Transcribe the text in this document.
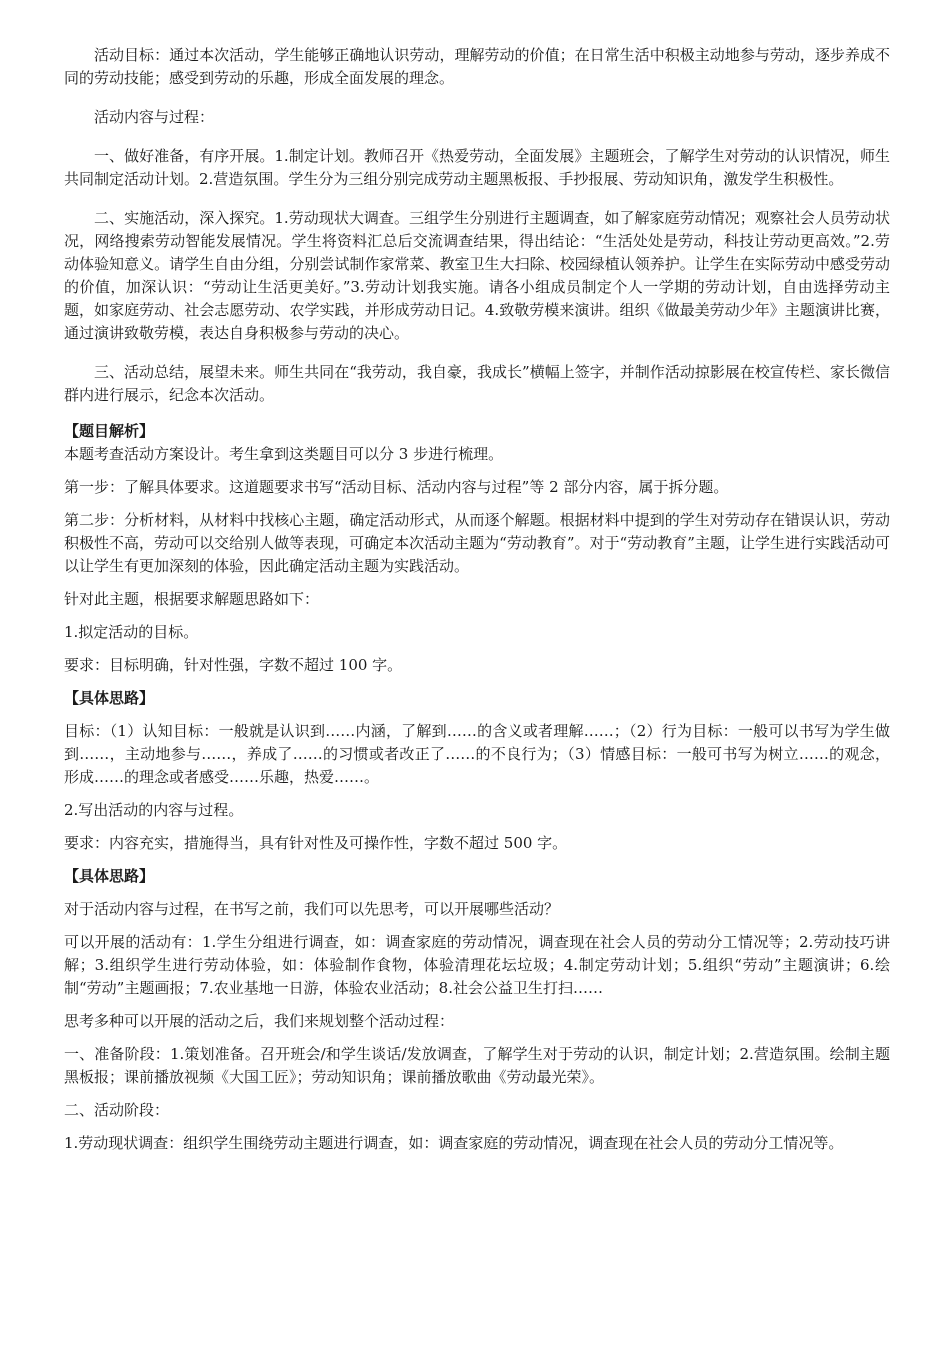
活动目标：通过本次活动，学生能够正确地认识劳动，理解劳动的价值；在日常生活中积极主动地参与劳动，逐步养成不同的劳动技能；感受到劳动的乐趣，形成全面发展的理念。

活动内容与过程：

一、做好准备，有序开展。1.制定计划。教师召开《热爱劳动，全面发展》主题班会，了解学生对劳动的认识情况，师生共同制定活动计划。2.营造氛围。学生分为三组分别完成劳动主题黑板报、手抄报展、劳动知识角，激发学生积极性。

二、实施活动，深入探究。1.劳动现状大调查。三组学生分别进行主题调查，如了解家庭劳动情况；观察社会人员劳动状况，网络搜索劳动智能发展情况。学生将资料汇总后交流调查结果，得出结论：“生活处处是劳动，科技让劳动更高效。”2.劳动体验知意义。请学生自由分组，分别尝试制作家常菜、教室卫生大扫除、校园绿植认领养护。让学生在实际劳动中感受劳动的价值，加深认识：“劳动让生活更美好。”3.劳动计划我实施。请各小组成员制定个人一学期的劳动计划，自由选择劳动主题，如家庭劳动、社会志愿劳动、农学实践，并形成劳动日记。4.致敬劳模来演讲。组织《做最美劳动少年》主题演讲比赛，通过演讲致敬劳模，表达自身积极参与劳动的决心。

三、活动总结，展望未来。师生共同在“我劳动，我自豪，我成长”横幅上签字，并制作活动掠影展在校宣传栏、家长微信群内进行展示，纪念本次活动。

【题目解析】

本题考查活动方案设计。考生拿到这类题目可以分 3 步进行梳理。

第一步：了解具体要求。这道题要求书写“活动目标、活动内容与过程”等 2 部分内容，属于拆分题。

第二步：分析材料，从材料中找核心主题，确定活动形式，从而逐个解题。根据材料中提到的学生对劳动存在错误认识，劳动积极性不高，劳动可以交给别人做等表现，可确定本次活动主题为“劳动教育”。对于“劳动教育”主题，让学生进行实践活动可以让学生有更加深刻的体验，因此确定活动主题为实践活动。

针对此主题，根据要求解题思路如下：

1.拟定活动的目标。

要求：目标明确，针对性强，字数不超过 100 字。

【具体思路】

目标：（1）认知目标：一般就是认识到……内涵，了解到……的含义或者理解……；（2）行为目标：一般可以书写为学生做到……，主动地参与……，养成了……的习惯或者改正了……的不良行为；（3）情感目标：一般可书写为树立……的观念，形成……的理念或者感受……乐趣，热爱……。

2.写出活动的内容与过程。

要求：内容充实，措施得当，具有针对性及可操作性，字数不超过 500 字。

【具体思路】

对于活动内容与过程，在书写之前，我们可以先思考，可以开展哪些活动？

可以开展的活动有：1.学生分组进行调查，如：调查家庭的劳动情况，调查现在社会人员的劳动分工情况等；2.劳动技巧讲解；3.组织学生进行劳动体验，如：体验制作食物，体验清理花坛垃圾；4.制定劳动计划；5.组织“劳动”主题演讲；6.绘制“劳动”主题画报；7.农业基地一日游，体验农业活动；8.社会公益卫生打扫……

思考多种可以开展的活动之后，我们来规划整个活动过程：

一、准备阶段：1.策划准备。召开班会/和学生谈话/发放调查，了解学生对于劳动的认识，制定计划；2.营造氛围。绘制主题黑板报；课前播放视频《大国工匠》；劳动知识角；课前播放歌曲《劳动最光荣》。

二、活动阶段：

1.劳动现状调查：组织学生围绕劳动主题进行调查，如：调查家庭的劳动情况，调查现在社会人员的劳动分工情况等。
